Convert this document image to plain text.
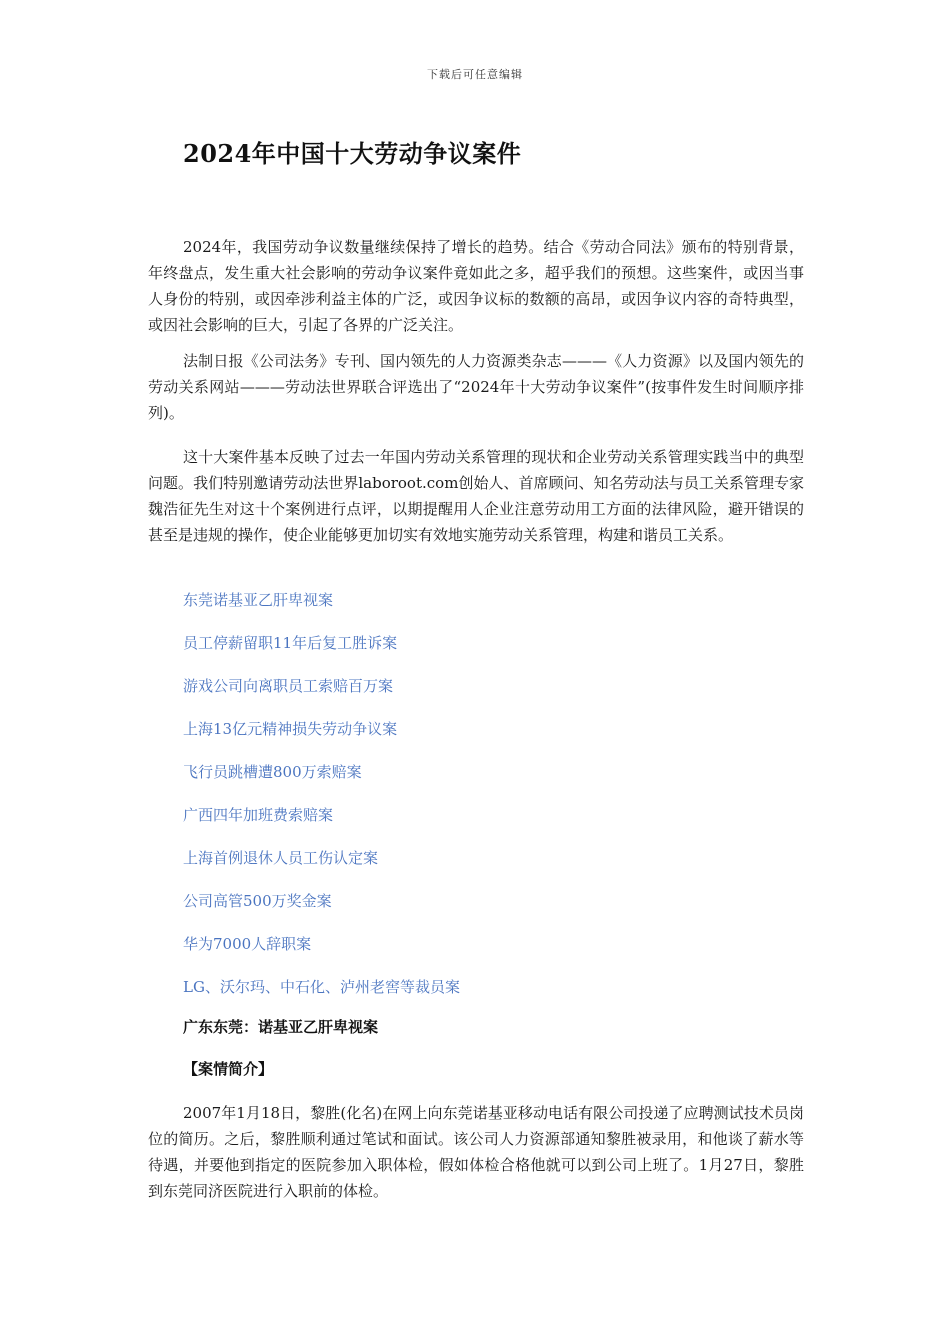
下载后可任意编辑
2024年中国十大劳动争议案件

2024年，我国劳动争议数量继续保持了增长的趋势。结合《劳动合同法》颁布的特别背景，年终盘点，发生重大社会影响的劳动争议案件竟如此之多，超乎我们的预想。这些案件，或因当事人身份的特别，或因牵涉利益主体的广泛，或因争议标的数额的高昂，或因争议内容的奇特典型，或因社会影响的巨大，引起了各界的广泛关注。

法制日报《公司法务》专刊、国内领先的人力资源类杂志———《人力资源》以及国内领先的劳动关系网站———劳动法世界联合评选出了“2024年十大劳动争议案件”(按事件发生时间顺序排列)。

这十大案件基本反映了过去一年国内劳动关系管理的现状和企业劳动关系管理实践当中的典型问题。我们特别邀请劳动法世界laboroot.com创始人、首席顾问、知名劳动法与员工关系管理专家魏浩征先生对这十个案例进行点评，以期提醒用人企业注意劳动用工方面的法律风险，避开错误的甚至是违规的操作，使企业能够更加切实有效地实施劳动关系管理，构建和谐员工关系。

东莞诺基亚乙肝卑视案
员工停薪留职11年后复工胜诉案
游戏公司向离职员工索赔百万案
上海13亿元精神损失劳动争议案
飞行员跳槽遭800万索赔案
广西四年加班费索赔案
上海首例退休人员工伤认定案
公司高管500万奖金案
华为7000人辞职案
LG、沃尔玛、中石化、泸州老窖等裁员案
广东东莞：诺基亚乙肝卑视案
【案情简介】

2007年1月18日，黎胜(化名)在网上向东莞诺基亚移动电话有限公司投递了应聘测试技术员岗位的简历。之后，黎胜顺利通过笔试和面试。该公司人力资源部通知黎胜被录用，和他谈了薪水等待遇，并要他到指定的医院参加入职体检，假如体检合格他就可以到公司上班了。1月27日，黎胜到东莞同济医院进行入职前的体检。
